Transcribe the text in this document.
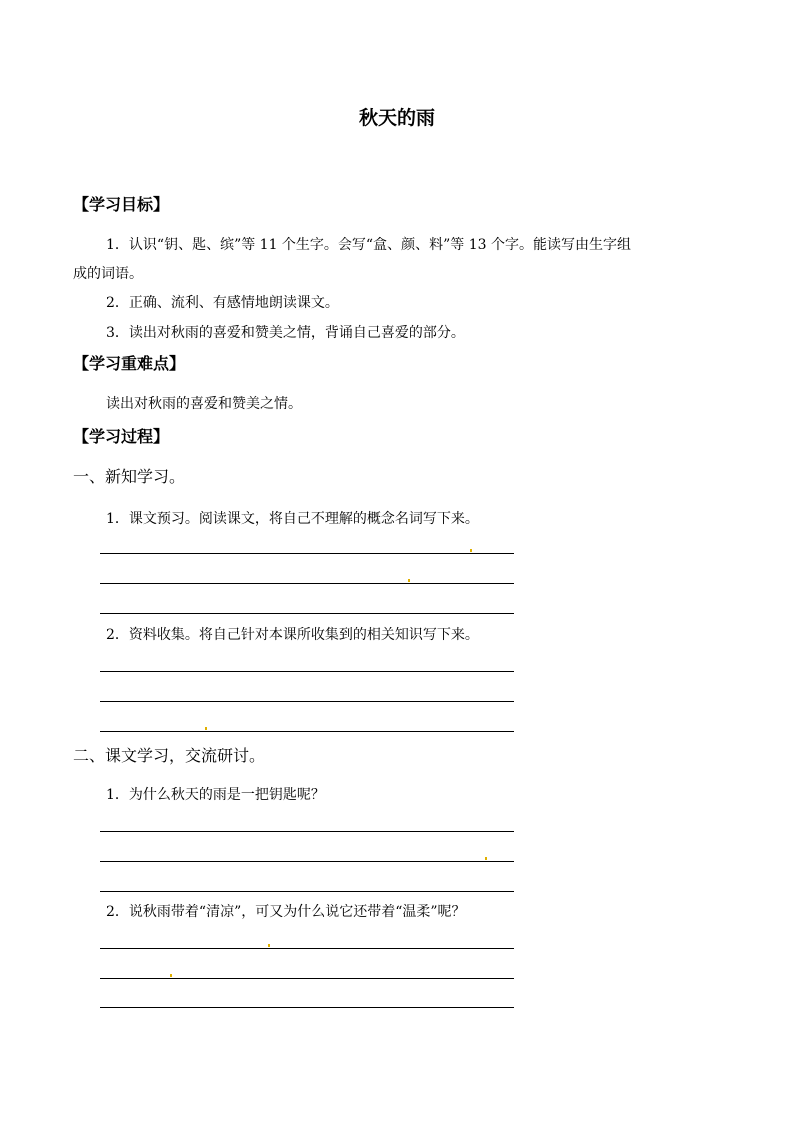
秋天的雨
【学习目标】
1．认识“钥、匙、缤”等 11 个生字。会写“盒、颜、料”等 13 个字。能读写由生字组
成的词语。
2．正确、流利、有感情地朗读课文。
3．读出对秋雨的喜爱和赞美之情，背诵自己喜爱的部分。
【学习重难点】
读出对秋雨的喜爱和赞美之情。
【学习过程】
一、新知学习。
1．课文预习。阅读课文，将自己不理解的概念名词写下来。
2．资料收集。将自己针对本课所收集到的相关知识写下来。
二、课文学习，交流研讨。
1．为什么秋天的雨是一把钥匙呢？
2．说秋雨带着“清凉”，可又为什么说它还带着“温柔”呢？
